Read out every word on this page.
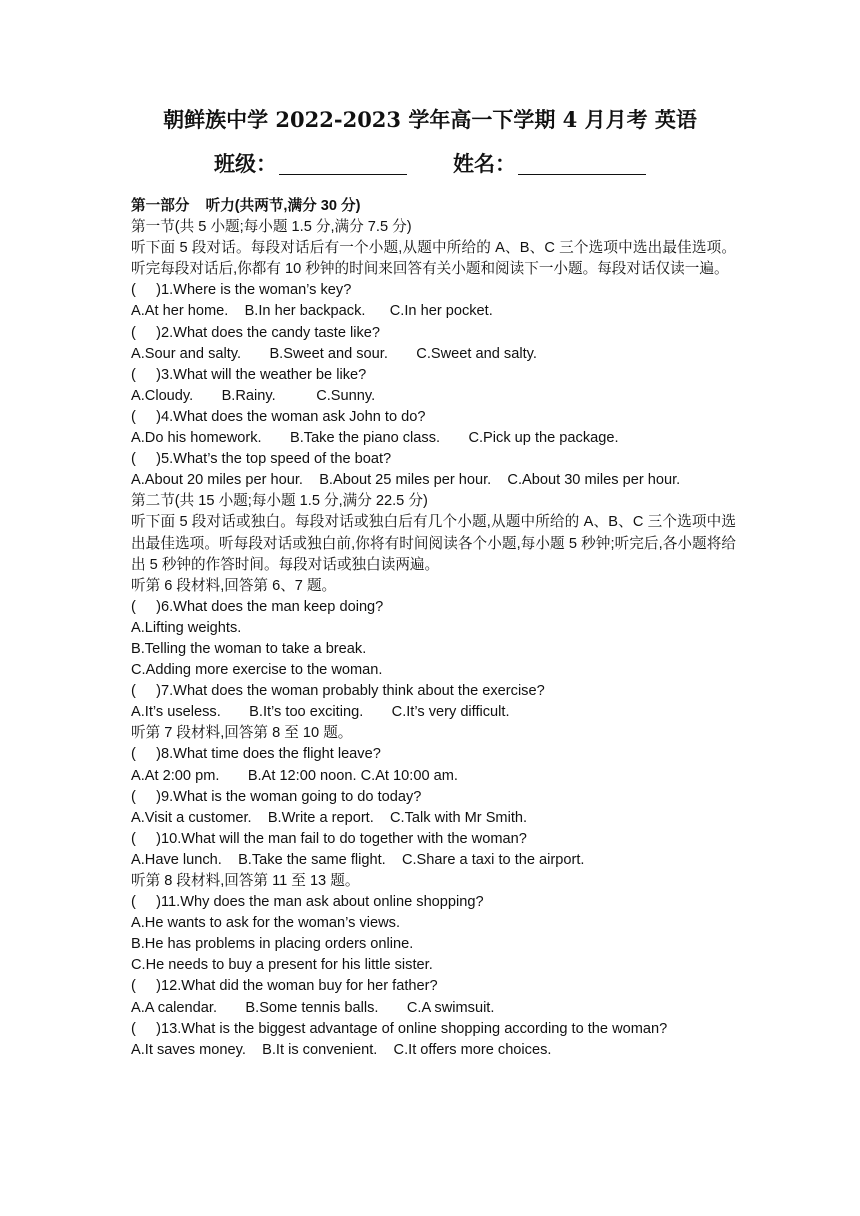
朝鲜族中学 2022-2023 学年高一下学期 4 月月考 英语
班级：	姓名：
第一部分    听力(共两节,满分 30 分)
第一节(共 5 小题;每小题 1.5 分,满分 7.5 分)
听下面 5 段对话。每段对话后有一个小题,从题中所给的 A、B、C 三个选项中选出最佳选项。听完每段对话后,你都有 10 秒钟的时间来回答有关小题和阅读下一小题。每段对话仅读一遍。
(     )1.Where is the woman’s key?
A.At her home. B.In her backpack. C.In her pocket.
(     )2.What does the candy taste like?
A.Sour and salty. B.Sweet and sour. C.Sweet and salty.
(     )3.What will the weather be like?
A.Cloudy. B.Rainy.	C.Sunny.
(     )4.What does the woman ask John to do?
A.Do his homework. B.Take the piano class. C.Pick up the package.
(     )5.What’s the top speed of the boat?
A.About 20 miles per hour. B.About 25 miles per hour. C.About 30 miles per hour.
第二节(共 15 小题;每小题 1.5 分,满分 22.5 分)
听下面 5 段对话或独白。每段对话或独白后有几个小题,从题中所给的 A、B、C 三个选项中选出最佳选项。听每段对话或独白前,你将有时间阅读各个小题,每小题 5 秒钟;听完后,各小题将给出 5 秒钟的作答时间。每段对话或独白读两遍。
听第 6 段材料,回答第 6、7 题。
(     )6.What does the man keep doing?
A.Lifting weights.
B.Telling the woman to take a break.
C.Adding more exercise to the woman.
(     )7.What does the woman probably think about the exercise?
A.It’s useless. B.It’s too exciting. C.It’s very difficult.
听第 7 段材料,回答第 8 至 10 题。
(     )8.What time does the flight leave?
A.At 2:00 pm. B.At 12:00 noon. C.At 10:00 am.
(     )9.What is the woman going to do today?
A.Visit a customer. B.Write a report. C.Talk with Mr Smith.
(     )10.What will the man fail to do together with the woman?
A.Have lunch. B.Take the same flight. C.Share a taxi to the airport.
听第 8 段材料,回答第 11 至 13 题。
(     )11.Why does the man ask about online shopping?
A.He wants to ask for the woman’s views.
B.He has problems in placing orders online.
C.He needs to buy a present for his little sister.
(     )12.What did the woman buy for her father?
A.A calendar. B.Some tennis balls. C.A swimsuit.
(     )13.What is the biggest advantage of online shopping according to the woman?
A.It saves money. B.It is convenient. C.It offers more choices.
